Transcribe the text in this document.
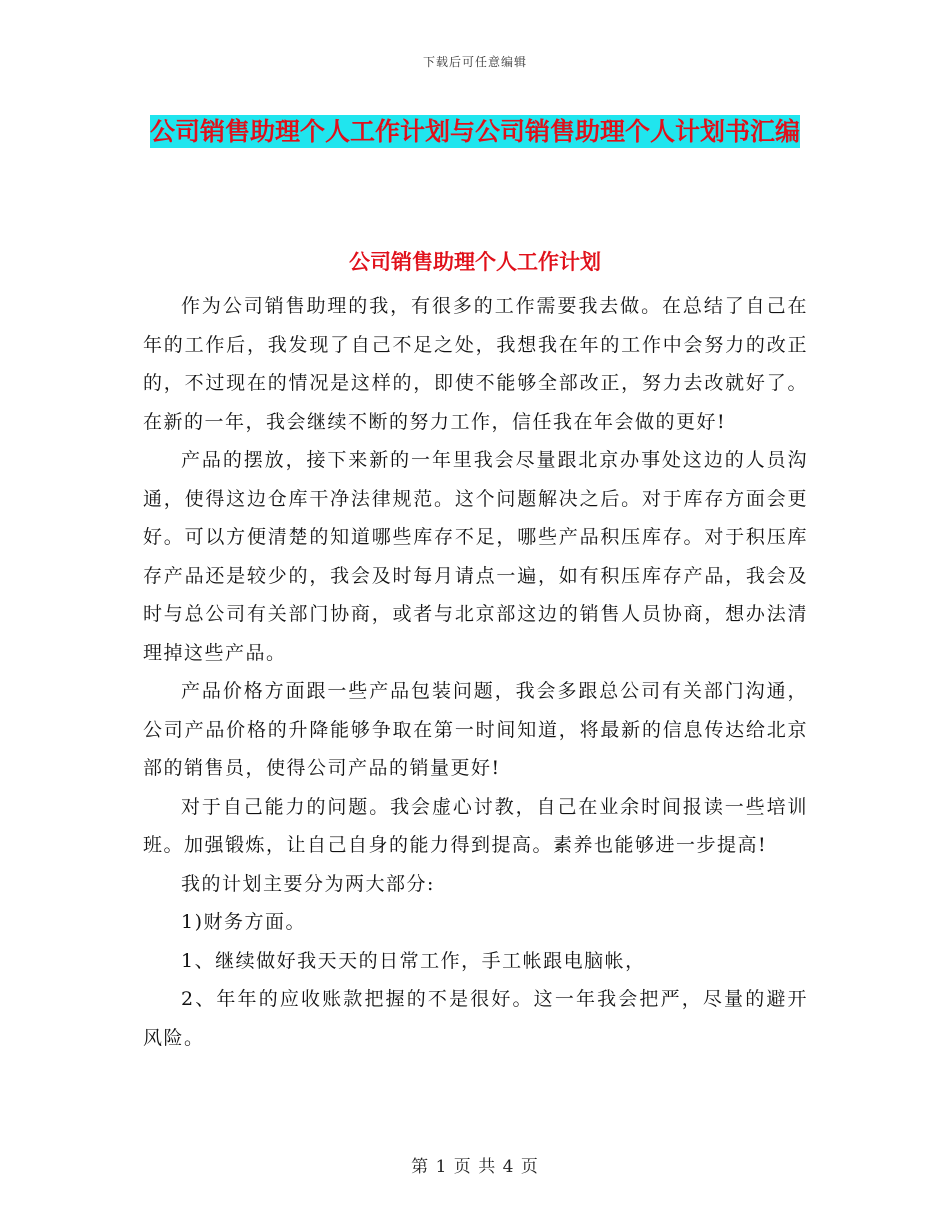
下载后可任意编辑
公司销售助理个人工作计划与公司销售助理个人计划书汇编
公司销售助理个人工作计划

作为公司销售助理的我，有很多的工作需要我去做。在总结了自己在年的工作后，我发现了自己不足之处，我想我在年的工作中会努力的改正的，不过现在的情况是这样的，即使不能够全部改正，努力去改就好了。在新的一年，我会继续不断的努力工作，信任我在年会做的更好!

产品的摆放，接下来新的一年里我会尽量跟北京办事处这边的人员沟通，使得这边仓库干净法律规范。这个问题解决之后。对于库存方面会更好。可以方便清楚的知道哪些库存不足，哪些产品积压库存。对于积压库存产品还是较少的，我会及时每月请点一遍，如有积压库存产品，我会及时与总公司有关部门协商，或者与北京部这边的销售人员协商，想办法清理掉这些产品。

产品价格方面跟一些产品包装问题，我会多跟总公司有关部门沟通，公司产品价格的升降能够争取在第一时间知道，将最新的信息传达给北京部的销售员，使得公司产品的销量更好!

对于自己能力的问题。我会虚心讨教，自己在业余时间报读一些培训班。加强锻炼，让自己自身的能力得到提高。素养也能够进一步提高!

我的计划主要分为两大部分:

1)财务方面。

1、继续做好我天天的日常工作，手工帐跟电脑帐，

2、年年的应收账款把握的不是很好。这一年我会把严，尽量的避开风险。

第 1 页 共 4 页
